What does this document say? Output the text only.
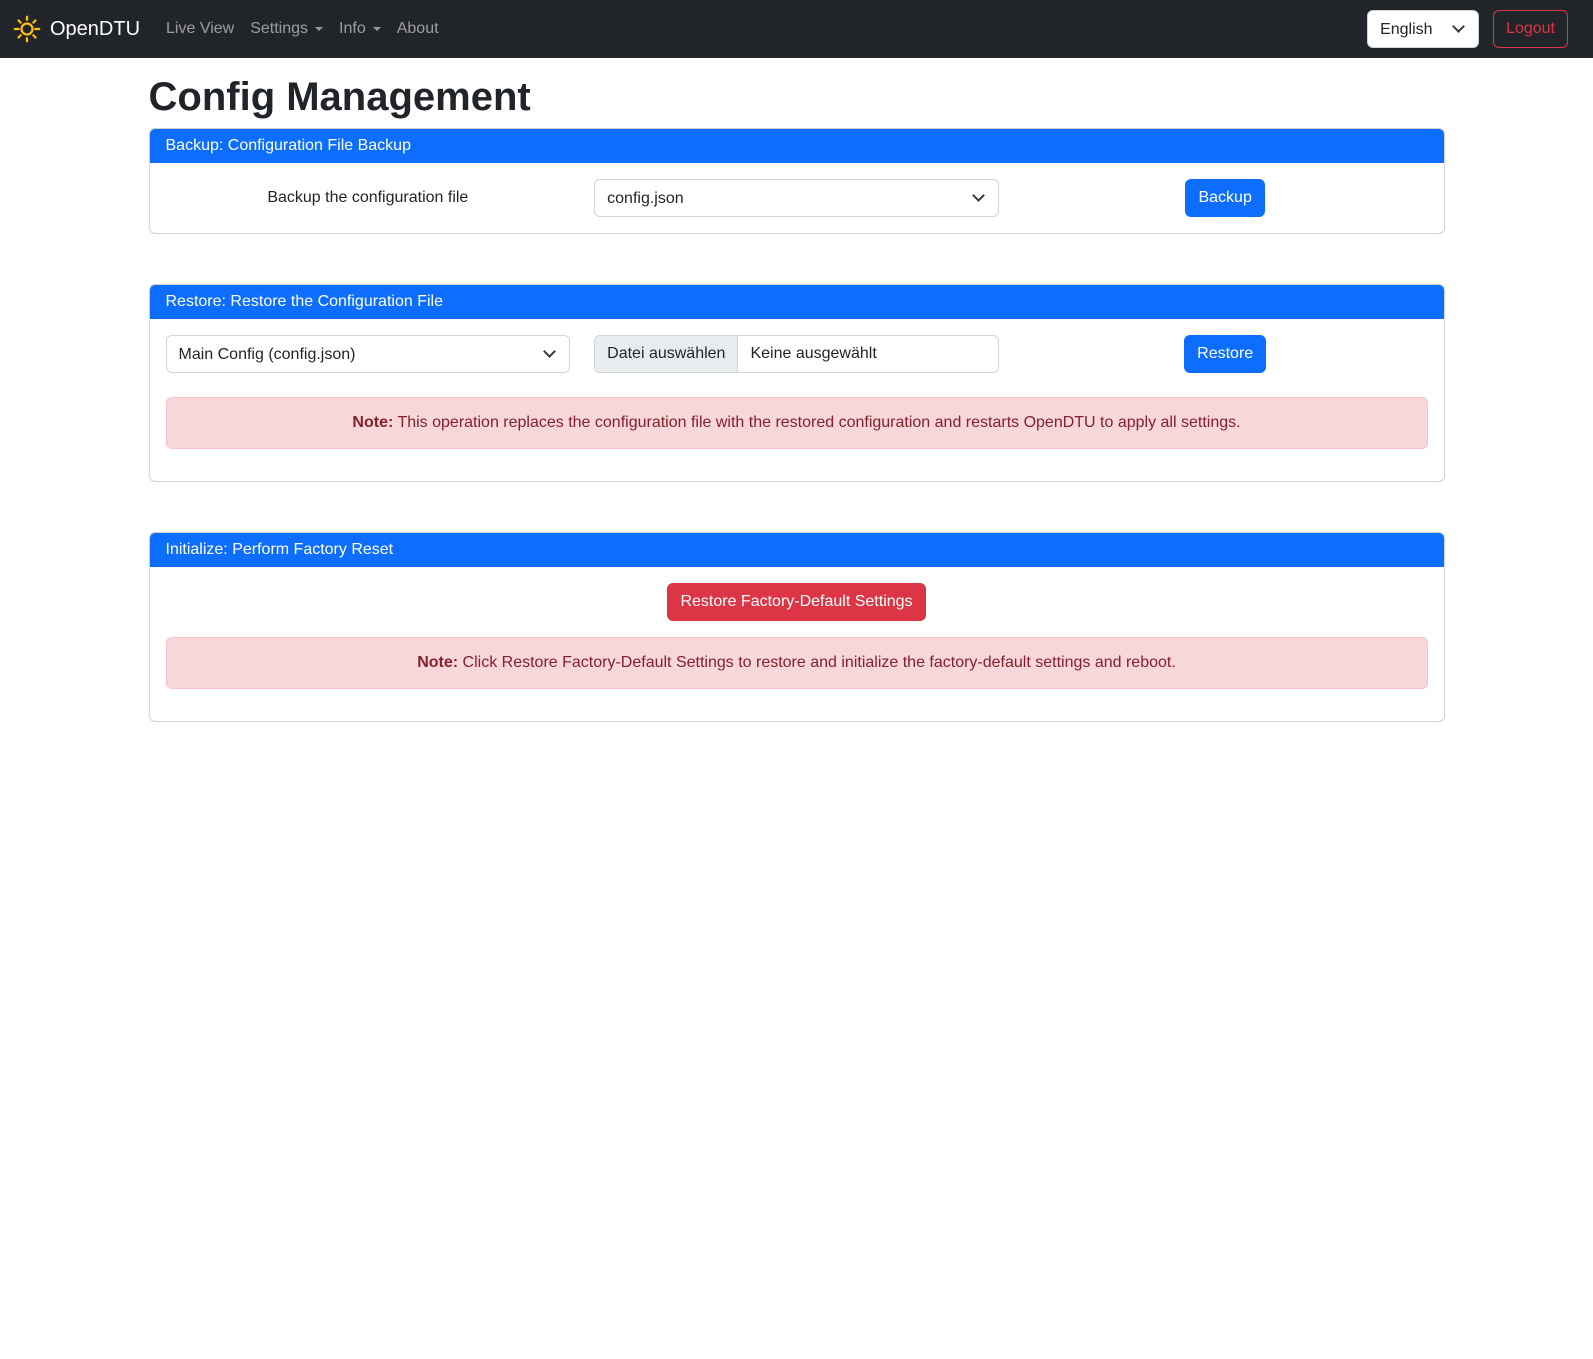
OpenDTU Live View Settings Info About
English	Logout
Config Management
Backup: Configuration File Backup
Backup the configuration file
config.json	Backup
Restore: Restore the Configuration File
Main Config (config.json)
Datei auswählen	Keine ausgewählt	Restore
Note: This operation replaces the configuration file with the restored configuration and restarts OpenDTU to apply all settings.
Initialize: Perform Factory Reset
Restore Factory-Default Settings
Note: Click Restore Factory-Default Settings to restore and initialize the factory-default settings and reboot.
